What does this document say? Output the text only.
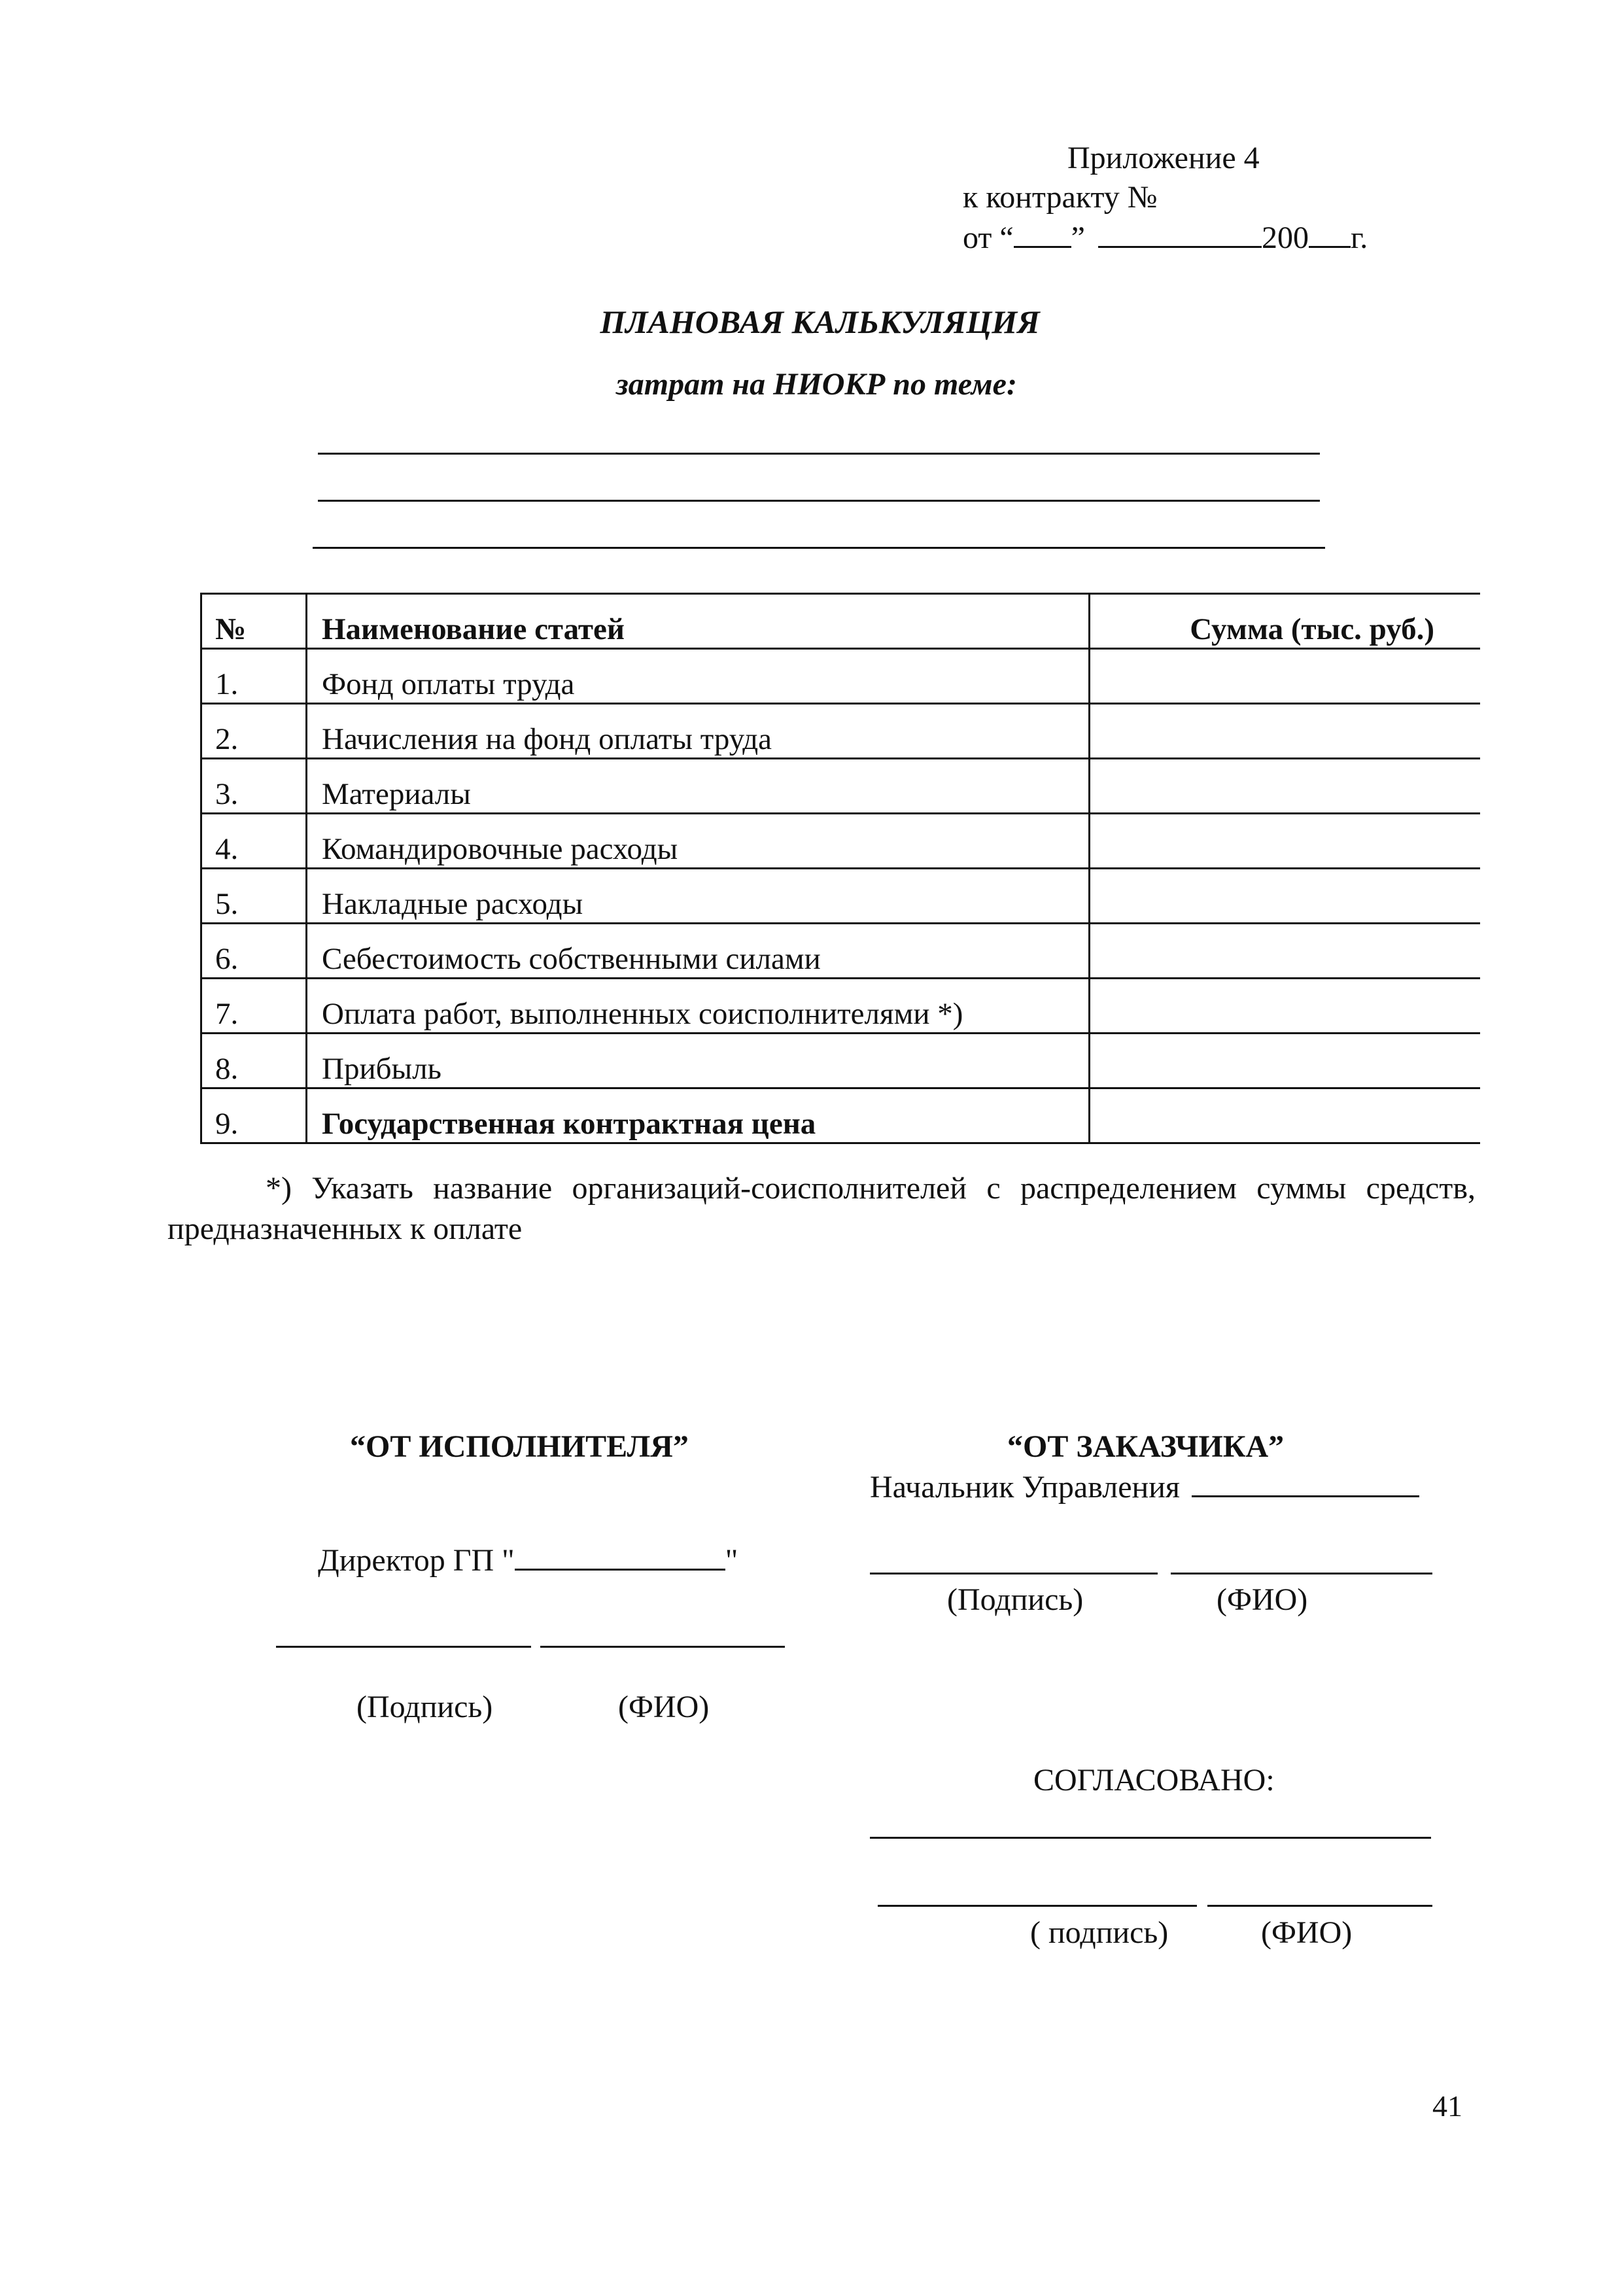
Приложение 4
к контракту №
от “ ”	200 г.
ПЛАНОВАЯ КАЛЬКУЛЯЦИЯ
затрат на НИОКР по теме:
№	Наименование статей	Сумма (тыс. руб.)
1.	Фонд оплаты труда	
2.	Начисления на фонд оплаты труда	
3.	Материалы	
4.	Командировочные расходы	
5.	Накладные расходы	
6.	Себестоимость собственными силами	
7.	Оплата работ, выполненных соисполнителями *)	
8.	Прибыль	
9.	Государственная контрактная цена	
*) Указать название организаций-соисполнителей с распределением суммы средств,
предназначенных к оплате
“ОТ ИСПОЛНИТЕЛЯ”
Директор ГП "	"
(Подпись)	(ФИО)
“ОТ ЗАКАЗЧИКА”
Начальник Управления
(Подпись)	(ФИО)
СОГЛАСОВАНО:
( подпись)	(ФИО)
41
